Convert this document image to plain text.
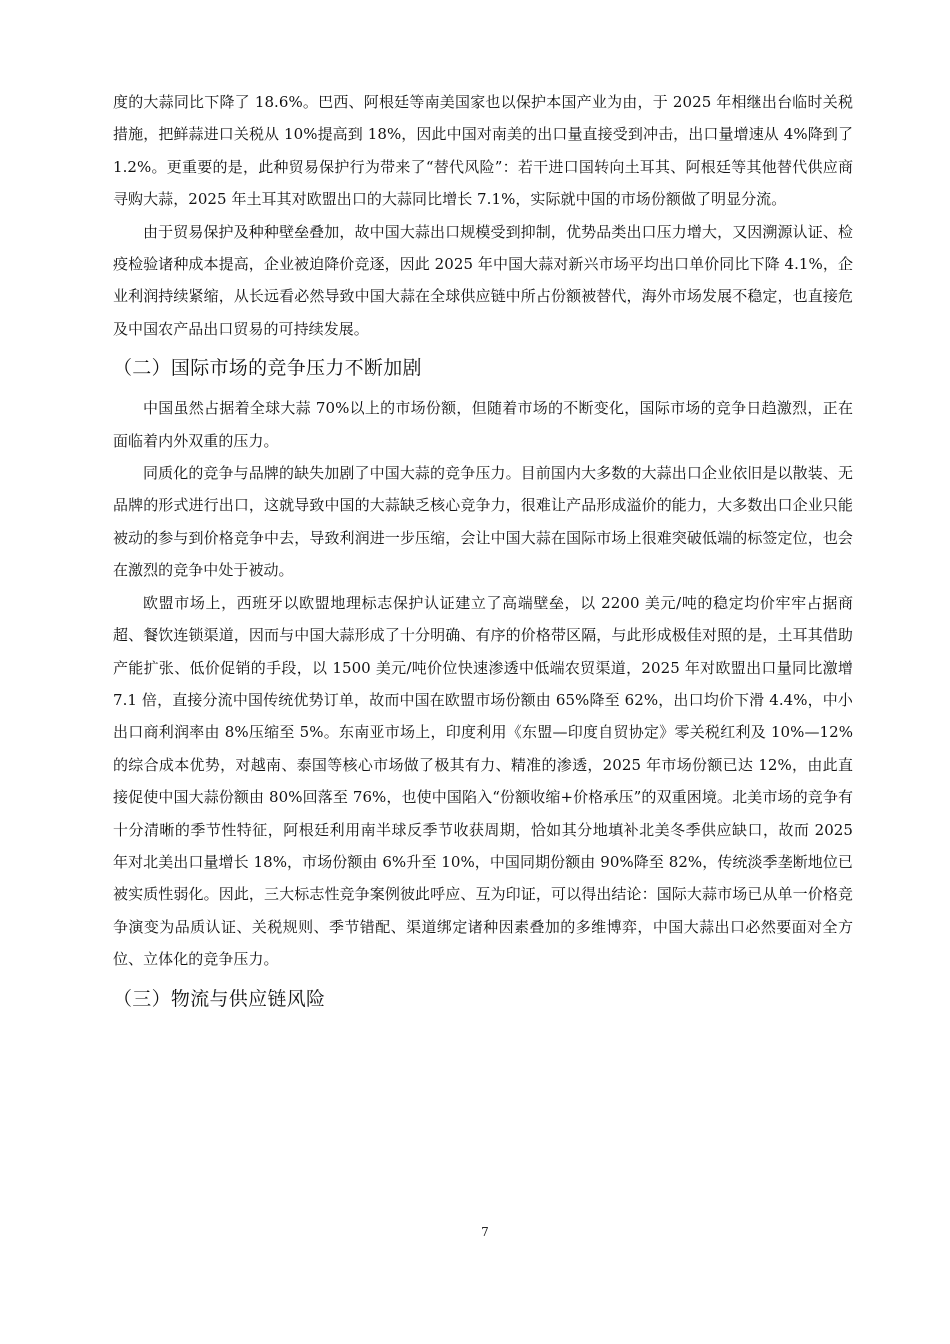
度的大蒜同比下降了 18.6%。巴西、阿根廷等南美国家也以保护本国产业为由，于 2025 年相继出台临时关税措施，把鲜蒜进口关税从 10%提高到 18%，因此中国对南美的出口量直接受到冲击，出口量增速从 4%降到了 1.2%。更重要的是，此种贸易保护行为带来了“替代风险”：若干进口国转向土耳其、阿根廷等其他替代供应商寻购大蒜，2025 年土耳其对欧盟出口的大蒜同比增长 7.1%，实际就中国的市场份额做了明显分流。

由于贸易保护及种种壁垒叠加，故中国大蒜出口规模受到抑制，优势品类出口压力增大，又因溯源认证、检疫检验诸种成本提高，企业被迫降价竞逐，因此 2025 年中国大蒜对新兴市场平均出口单价同比下降 4.1%，企业利润持续紧缩，从长远看必然导致中国大蒜在全球供应链中所占份额被替代，海外市场发展不稳定，也直接危及中国农产品出口贸易的可持续发展。

（二）国际市场的竞争压力不断加剧

中国虽然占据着全球大蒜 70%以上的市场份额，但随着市场的不断变化，国际市场的竞争日趋激烈，正在面临着内外双重的压力。

同质化的竞争与品牌的缺失加剧了中国大蒜的竞争压力。目前国内大多数的大蒜出口企业依旧是以散装、无品牌的形式进行出口，这就导致中国的大蒜缺乏核心竞争力，很难让产品形成溢价的能力，大多数出口企业只能被动的参与到价格竞争中去，导致利润进一步压缩，会让中国大蒜在国际市场上很难突破低端的标签定位，也会在激烈的竞争中处于被动。

欧盟市场上，西班牙以欧盟地理标志保护认证建立了高端壁垒，以 2200 美元/吨的稳定均价牢牢占据商超、餐饮连锁渠道，因而与中国大蒜形成了十分明确、有序的价格带区隔，与此形成极佳对照的是，土耳其借助产能扩张、低价促销的手段，以 1500 美元/吨价位快速渗透中低端农贸渠道，2025 年对欧盟出口量同比激增 7.1 倍，直接分流中国传统优势订单，故而中国在欧盟市场份额由 65%降至 62%，出口均价下滑 4.4%，中小出口商利润率由 8%压缩至 5%。东南亚市场上，印度利用《东盟—印度自贸协定》零关税红利及 10%—12%的综合成本优势，对越南、泰国等核心市场做了极其有力、精准的渗透，2025 年市场份额已达 12%，由此直接促使中国大蒜份额由 80%回落至 76%，也使中国陷入“份额收缩+价格承压”的双重困境。北美市场的竞争有十分清晰的季节性特征，阿根廷利用南半球反季节收获周期，恰如其分地填补北美冬季供应缺口，故而 2025 年对北美出口量增长 18%，市场份额由 6%升至 10%，中国同期份额由 90%降至 82%，传统淡季垄断地位已被实质性弱化。因此，三大标志性竞争案例彼此呼应、互为印证，可以得出结论：国际大蒜市场已从单一价格竞争演变为品质认证、关税规则、季节错配、渠道绑定诸种因素叠加的多维博弈，中国大蒜出口必然要面对全方位、立体化的竞争压力。

（三）物流与供应链风险
7
